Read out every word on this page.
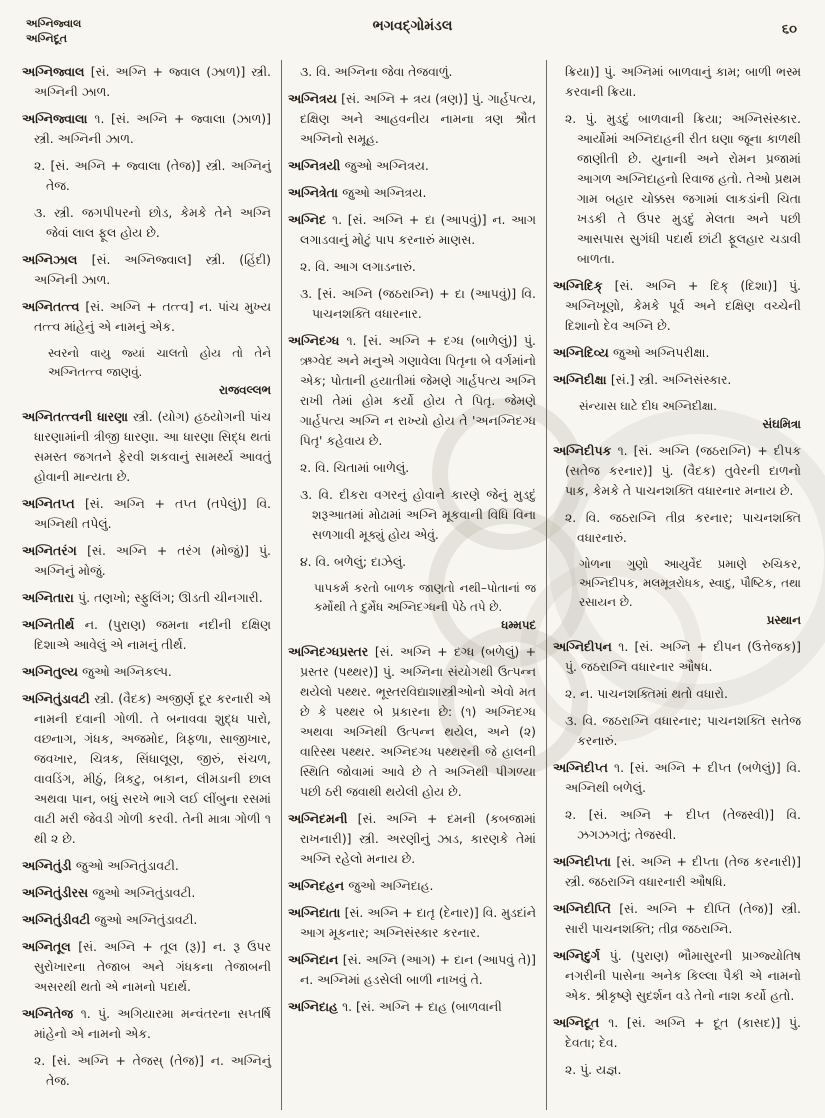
અગ્નિજ્વાલ
અગ્નિદૂત
ભગવદ્ગોમંડલ	૬૦

અગ્નિજ્વાલ [સં. અગ્નિ + જ્વાલ (ઝાળ)] સ્ત્રી. અગ્નિની ઝાળ.

અગ્નિજ્વાલા ૧. [સં. અગ્નિ + જ્વાલા (ઝાળ)] સ્ત્રી. અગ્નિની ઝાળ.

૨. [સં. અગ્નિ + જ્વાલા (તેજ)] સ્ત્રી. અગ્નિનું તેજ.

૩. સ્ત્રી. જગપીપરનો છોડ, કેમકે તેને અગ્નિ જેવાં લાલ ફૂલ હોય છે.

અગ્નિઝાલ [સં. અગ્નિજ્વાલ] સ્ત્રી. (હિંદી) અગ્નિની ઝાળ.

અગ્નિતત્ત્વ [સં. અગ્નિ + તત્ત્વ] ન. પાંચ મુખ્ય તત્ત્વ માંહેનું એ નામનું એક.

સ્વરનો વાયુ જ્યાં ચાલતો હોય તો તેને અગ્નિતત્ત્વ જાણવું.
રાજવલ્લભ

અગ્નિતત્ત્વની ધારણા સ્ત્રી. (યોગ) હઠયોગની પાંચ ધારણામાંની ત્રીજી ધારણા. આ ધારણા સિદ્ધ થતાં સમસ્ત જગતને ફેરવી શકવાનું સામર્થ્ય આવતું હોવાની માન્યતા છે.

અગ્નિતપ્ત [સં. અગ્નિ + તપ્ત (તપેલું)] વિ. અગ્નિથી તપેલું.

અગ્નિતરંગ [સં. અગ્નિ + તરંગ (મોજું)] પું. અગ્નિનું મોજું.

અગ્નિતારા પું. તણખો; સ્ફુલિંગ; ઊડતી ચીનગારી.

અગ્નિતીર્થ ન. (પુરાણ) જમના નદીની દક્ષિણ દિશાએ આવેલું એ નામનું તીર્થ.

અગ્નિતુલ્ય જુઓ અગ્નિકલ્પ.

અગ્નિતુંડાવટી સ્ત્રી. (વૈદક) અજીર્ણ દૂર કરનારી એ નામની દવાની ગોળી. તે બનાવવા શુદ્ધ પારો, વછનાગ, ગંધક, અજમોદ, ત્રિફળા, સાજીખાર, જવખાર, ચિત્રક, સિંધાલૂણ, જીરું, સંચળ, વાવડિંગ, મીઠું, ત્રિકટુ, બકાન, લીમડાની છાલ અથવા પાન, બધું સરખે ભાગે લઈ લીંબુના રસમાં વાટી મરી જેવડી ગોળી કરવી. તેની માત્રા ગોળી ૧ થી ૨ છે.

અગ્નિતુંડી જુઓ અગ્નિતુંડાવટી.

અગ્નિતુંડીરસ જુઓ અગ્નિતુંડાવટી.

અગ્નિતુંડીવટી જુઓ અગ્નિતુંડાવટી.

અગ્નિતૂલ [સં. અગ્નિ + તૂલ (રૂ)] ન. રૂ ઉપર સુરોખારના તેજાબ અને ગંધકના તેજાબની અસરથી થતો એ નામનો પદાર્થ.

અગ્નિતેજ ૧. પું. અગિયારમા મન્વંતરના સપ્તર્ષિ માંહેનો એ નામનો એક.

૨. [સં. અગ્નિ + તેજસ્ (તેજ)] ન. અગ્નિનું તેજ.

૩. વિ. અગ્નિના જેવા તેજવાળું.

અગ્નિત્રય [સં. અગ્નિ + ત્રય (ત્રણ)] પું. ગાર્હપત્ય, દક્ષિણ અને આહવનીય નામના ત્રણ શ્રૌત અગ્નિનો સમૂહ.

અગ્નિત્રયી જુઓ અગ્નિત્રય.

અગ્નિત્રેતા જુઓ અગ્નિત્રય.

અગ્નિદ ૧. [સં. અગ્નિ + દા (આપવું)] ન. આગ લગાડવાનું મોટું પાપ કરનારું માણસ.

૨. વિ. આગ લગાડનારું.

૩. [સં. અગ્નિ (જઠરાગ્નિ) + દા (આપવું)] વિ. પાચનશક્તિ વધારનાર.

અગ્નિદગ્ધ ૧. [સં. અગ્નિ + દગ્ધ (બાળેલું)] પું. ઋગ્વેદ અને મનુએ ગણાવેલા પિતૃના બે વર્ગમાંનો એક; પોતાની હયાતીમાં જેમણે ગાર્હપત્ય અગ્નિ રાખી તેમાં હોમ કર્યો હોય તે પિતૃ. જેમણે ગાર્હપત્ય અગ્નિ ન રાખ્યો હોય તે 'અનગ્નિદગ્ધ પિતૃ' કહેવાય છે.

૨. વિ. ચિતામાં બાળેલું.

૩. વિ. દીકરા વગરનું હોવાને કારણે જેનું મુડદું શરૂઆતમાં મોઢામાં અગ્નિ મૂકવાની વિધિ વિના સળગાવી મૂક્યું હોય એવું.

૪. વિ. બળેલું; દાઝેલું.

પાપકર્મ કરતો બાળક જાણતો નથી–પોતાનાં જ કર્મોથી તે દુર્મેધ અગ્નિદગ્ધની પેઠે તપે છે.
ધમ્મપદ

અગ્નિદગ્ધપ્રસ્તર [સં. અગ્નિ + દગ્ધ (બળેલું) + પ્રસ્તર (પથ્થર)] પું. અગ્નિના સંયોગથી ઉત્પન્ન થયેલો પથ્થર. ભૂસ્તરવિદ્યાશાસ્ત્રીઓનો એવો મત છે કે પથ્થર બે પ્રકારના છે: (૧) અગ્નિદગ્ધ અથવા અગ્નિથી ઉત્પન્ન થયેલ, અને (૨) વારિસ્થ પથ્થર. અગ્નિદગ્ધ પથ્થરની જે હાલની સ્થિતિ જોવામાં આવે છે તે અગ્નિથી પીગળ્યા પછી ઠરી જવાથી થયેલી હોય છે.

અગ્નિદમની [સં. અગ્નિ + દમની (કબજામાં રાખનારી)] સ્ત્રી. અરણીનું ઝાડ, કારણકે તેમાં અગ્નિ રહેલો મનાય છે.

અગ્નિદહન જુઓ અગ્નિદાહ.

અગ્નિદાતા [સં. અગ્નિ + દાતૃ (દેનાર)] વિ. મુડદાંને આગ મૂકનાર; અગ્નિસંસ્કાર કરનાર.

અગ્નિદાન [સં. અગ્નિ (આગ) + દાન (આપવું તે)] ન. અગ્નિમાં હડસેલી બાળી નાખવું તે.

અગ્નિદાહ ૧. [સં. અગ્નિ + દાહ (બાળવાની

ક્રિયા)] પું. અગ્નિમાં બાળવાનું કામ; બાળી ભસ્મ કરવાની ક્રિયા.

૨. પું. મુડદું બાળવાની ક્રિયા; અગ્નિસંસ્કાર. આર્યોમાં અગ્નિદાહની રીત ઘણા જૂના કાળથી જાણીતી છે. યુનાની અને રોમન પ્રજામાં આગળ અગ્નિદાહનો રિવાજ હતો. તેઓ પ્રથમ ગામ બહાર ચોક્કસ જગામાં લાકડાંની ચિતા ખડકી તે ઉપર મુડદું મેલતા અને પછી આસપાસ સુગંધી પદાર્થ છાંટી ફૂલહાર ચડાવી બાળતા.

અગ્નિદિક્ [સં. અગ્નિ + દિક્ (દિશા)] પું. અગ્નિખૂણો, કેમકે પૂર્વ અને દક્ષિણ વચ્ચેની દિશાનો દેવ અગ્નિ છે.

અગ્નિદિવ્ય જુઓ અગ્નિપરીક્ષા.

અગ્નિદીક્ષા [સં.] સ્ત્રી. અગ્નિસંસ્કાર.

સંન્યાસ ઘાટે દીધ અગ્નિદીક્ષા.
સંઘમિત્રા

અગ્નિદીપક ૧. [સં. અગ્નિ (જઠરાગ્નિ) + દીપક (સતેજ કરનાર)] પું. (વૈદક) તુવેરની દાળનો પાક, કેમકે તે પાચનશક્તિ વધારનાર મનાય છે.

૨. વિ. જઠરાગ્નિ તીવ્ર કરનાર; પાચનશક્તિ વધારનારું.

ગોળના ગુણો આયુર્વેદ પ્રમાણે રુચિકર, અગ્નિદીપક, મલમૂત્રરોધક, સ્વાદુ, પૌષ્ટિક, તથા રસાયન છે.
પ્રસ્થાન

અગ્નિદીપન ૧. [સં. અગ્નિ + દીપન (ઉત્તેજક)] પું. જઠરાગ્નિ વધારનાર ઔષધ.

૨. ન. પાચનશક્તિમાં થતો વધારો.

૩. વિ. જઠરાગ્નિ વધારનાર; પાચનશક્તિ સતેજ કરનારું.

અગ્નિદીપ્ત ૧. [સં. અગ્નિ + દીપ્ત (બળેલું)] વિ. અગ્નિથી બળેલું.

૨. [સં. અગ્નિ + દીપ્ત (તેજસ્વી)] વિ. ઝગઝગતું; તેજસ્વી.

અગ્નિદીપ્તા [સં. અગ્નિ + દીપ્તા (તેજ કરનારી)] સ્ત્રી. જઠરાગ્નિ વધારનારી ઔષધિ.

અગ્નિદીપ્તિ [સં. અગ્નિ + દીપ્તિ (તેજ)] સ્ત્રી. સારી પાચનશક્તિ; તીવ્ર જઠરાગ્નિ.

અગ્નિદુર્ગ પું. (પુરાણ) ભૌમાસુરની પ્રાગ્જ્યોતિષ નગરીની પાસેના અનેક કિલ્લા પૈકી એ નામનો એક. શ્રીકૃષ્ણે સુદર્શન વડે તેનો નાશ કર્યો હતો.

અગ્નિદૂત ૧. [સં. અગ્નિ + દૂત (કાસદ)] પું. દેવતા; દેવ.

૨. પું. યજ્ઞ.
